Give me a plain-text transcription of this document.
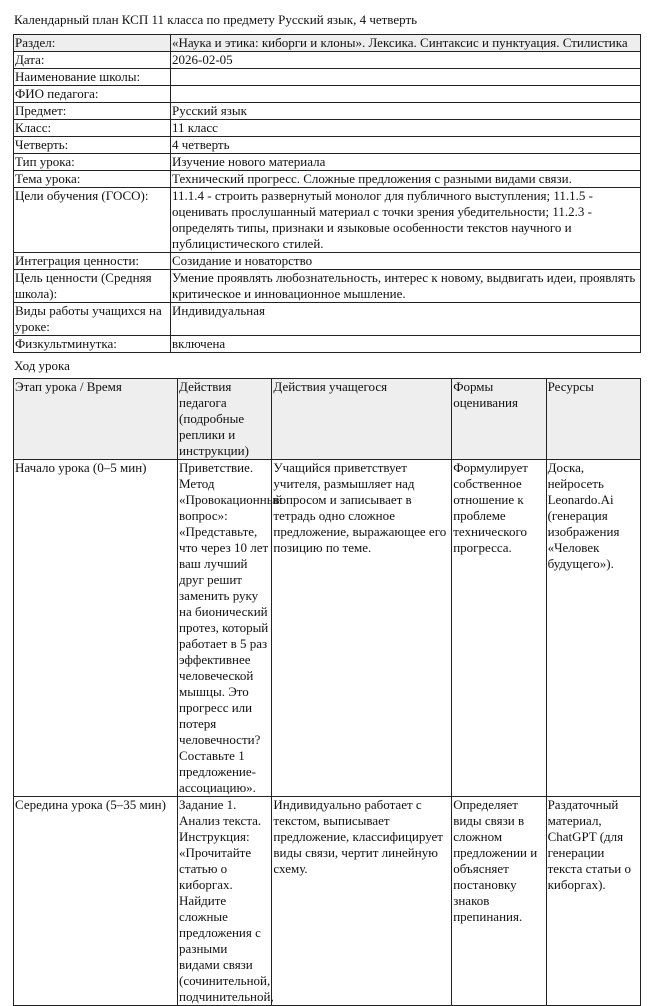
Календарный план КСП 11 класса по предмету Русский язык, 4 четверть
Раздел:	«Наука и этика: киборги и клоны». Лексика. Синтаксис и пунктуация. Стилистика
Дата:	2026-02-05
Наименование школы:	
ФИО педагога:	
Предмет:	Русский язык
Класс:	11 класс
Четверть:	4 четверть
Тип урока:	Изучение нового материала
Тема урока:	Технический прогресс. Сложные предложения с разными видами связи.
Цели обучения (ГОСО):	11.1.4 - строить развернутый монолог для публичного выступления; 11.1.5 - оценивать прослушанный материал с точки зрения убедительности; 11.2.3 - определять типы, признаки и языковые особенности текстов научного и публицистического стилей.
Интеграция ценности:	Созидание и новаторство
Цель ценности (Средняя школа):	Умение проявлять любознательность, интерес к новому, выдвигать идеи, проявлять критическое и инновационное мышление.
Виды работы учащихся на уроке:	Индивидуальная
Физкультминутка:	включена
Ход урока
Этап урока / Время	Действия педагога (подробные реплики и инструкции)	Действия учащегося	Формы оценивания	Ресурсы
Начало урока (0–5 мин)	Приветствие. Метод «Провокационный вопрос»: «Представьте, что через 10 лет ваш лучший друг решит заменить руку на бионический протез, который работает в 5 раз эффективнее человеческой мышцы. Это прогресс или потеря человечности? Составьте 1 предложение-ассоциацию».	Учащийся приветствует учителя, размышляет над вопросом и записывает в тетрадь одно сложное предложение, выражающее его позицию по теме.	Формулирует собственное отношение к проблеме технического прогресса.	Доска, нейросеть Leonardo.Ai (генерация изображения «Человек будущего»).
Середина урока (5–35 мин)	Задание 1. Анализ текста. Инструкция: «Прочитайте статью о киборгах. Найдите сложные предложения с разными видами связи (сочинительной, подчинительной,	Индивидуально работает с текстом, выписывает предложение, классифицирует виды связи, чертит линейную схему.	Определяет виды связи в сложном предложении и объясняет постановку знаков препинания.	Раздаточный материал, ChatGPT (для генерации текста статьи о киборгах).
